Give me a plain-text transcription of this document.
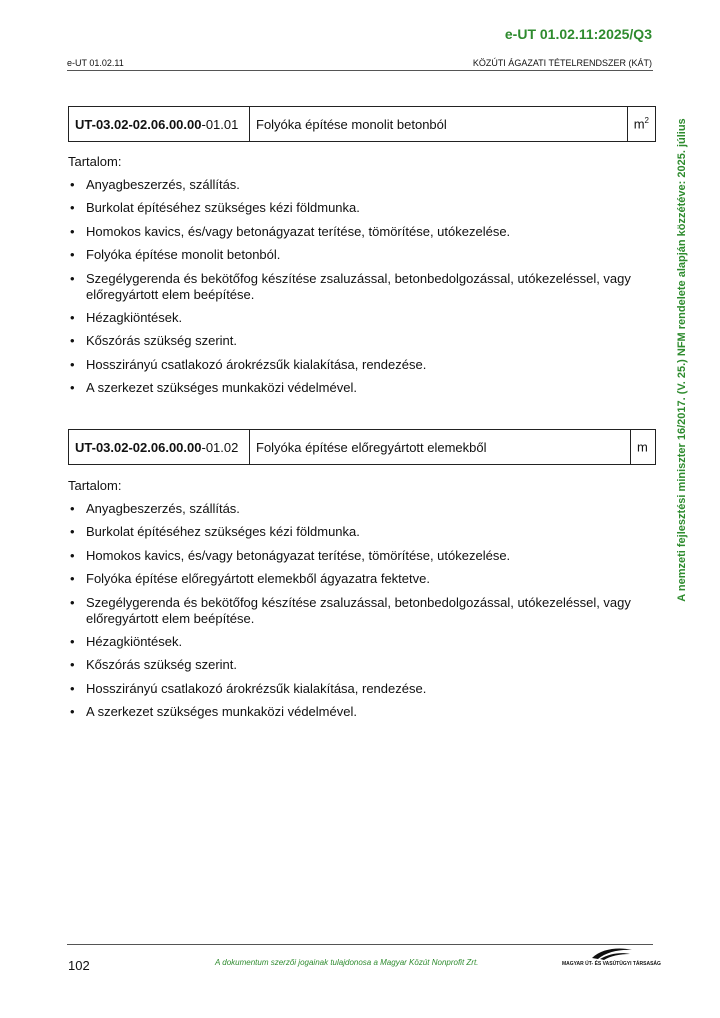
e-UT 01.02.11:2025/Q3
e-UT 01.02.11	KÖZÚTI ÁGAZATI TÉTELRENDSZER (KÁT)
A nemzeti fejlesztési miniszter 16/2017. (V. 25.) NFM rendelete alapján közzétéve: 2025. július
UT-03.02-02.06.00.00-01.01	Folyóka építése monolit betonból	$m^2$

Tartalom:

• Anyagbeszerzés, szállítás.
• Burkolat építéséhez szükséges kézi földmunka.
• Homokos kavics, és/vagy betonágyazat terítése, tömörítése, utókezelése.
• Folyóka építése monolit betonból.
• Szegélygerenda és bekötőfog készítése zsaluzással, betonbedolgozással, utókezeléssel, vagy előregyártott elem beépítése.
• Hézagkiöntések.
• Kőszórás szükség szerint.
• Hosszirányú csatlakozó árokrézsűk kialakítása, rendezése.
• A szerkezet szükséges munkaközi védelmével.
UT-03.02-02.06.00.00-01.02	Folyóka építése előregyártott elemekből	m

Tartalom:

• Anyagbeszerzés, szállítás.
• Burkolat építéséhez szükséges kézi földmunka.
• Homokos kavics, és/vagy betonágyazat terítése, tömörítése, utókezelése.
• Folyóka építése előregyártott elemekből ágyazatra fektetve.
• Szegélygerenda és bekötőfog készítése zsaluzással, betonbedolgozással, utókezeléssel, vagy előregyártott elem beépítése.
• Hézagkiöntések.
• Kőszórás szükség szerint.
• Hosszirányú csatlakozó árokrézsűk kialakítása, rendezése.
• A szerkezet szükséges munkaközi védelmével.
102	A dokumentum szerzői jogainak tulajdonosa a Magyar Közút Nonprofit Zrt.	MAGYAR ÚT- ÉS VASÚTÜGYI TÁRSASÁG
